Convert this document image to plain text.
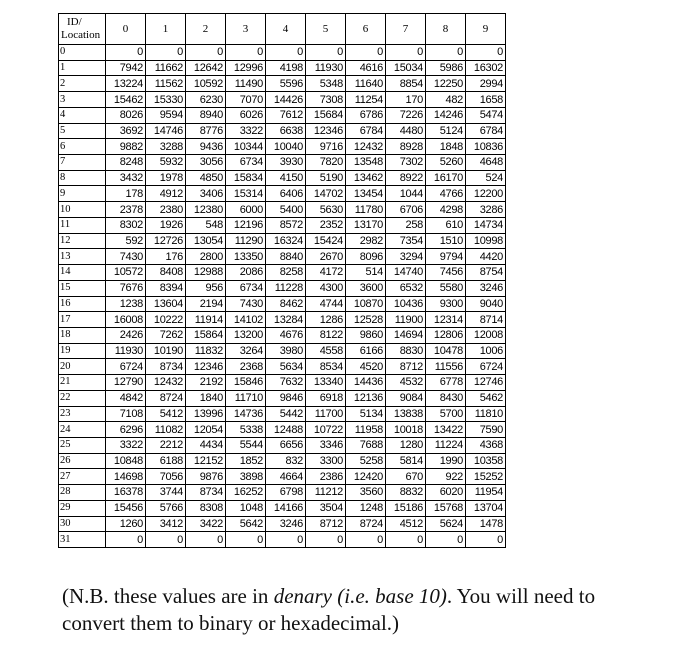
ID/
Location	0	1	2	3	4	5	6	7	8	9
0	0	0	0	0	0	0	0	0	0	0
1	7942	11662	12642	12996	4198	11930	4616	15034	5986	16302
2	13224	11562	10592	11490	5596	5348	11640	8854	12250	2994
3	15462	15330	6230	7070	14426	7308	11254	170	482	1658
4	8026	9594	8940	6026	7612	15684	6786	7226	14246	5474
5	3692	14746	8776	3322	6638	12346	6784	4480	5124	6784
6	9882	3288	9436	10344	10040	9716	12432	8928	1848	10836
7	8248	5932	3056	6734	3930	7820	13548	7302	5260	4648
8	3432	1978	4850	15834	4150	5190	13462	8922	16170	524
9	178	4912	3406	15314	6406	14702	13454	1044	4766	12200
10	2378	2380	12380	6000	5400	5630	11780	6706	4298	3286
11	8302	1926	548	12196	8572	2352	13170	258	610	14734
12	592	12726	13054	11290	16324	15424	2982	7354	1510	10998
13	7430	176	2800	13350	8840	2670	8096	3294	9794	4420
14	10572	8408	12988	2086	8258	4172	514	14740	7456	8754
15	7676	8394	956	6734	11228	4300	3600	6532	5580	3246
16	1238	13604	2194	7430	8462	4744	10870	10436	9300	9040
17	16008	10222	11914	14102	13284	1286	12528	11900	12314	8714
18	2426	7262	15864	13200	4676	8122	9860	14694	12806	12008
19	11930	10190	11832	3264	3980	4558	6166	8830	10478	1006
20	6724	8734	12346	2368	5634	8534	4520	8712	11556	6724
21	12790	12432	2192	15846	7632	13340	14436	4532	6778	12746
22	4842	8724	1840	11710	9846	6918	12136	9084	8430	5462
23	7108	5412	13996	14736	5442	11700	5134	13838	5700	11810
24	6296	11082	12054	5338	12488	10722	11958	10018	13422	7590
25	3322	2212	4434	5544	6656	3346	7688	1280	11224	4368
26	10848	6188	12152	1852	832	3300	5258	5814	1990	10358
27	14698	7056	9876	3898	4664	2386	12420	670	922	15252
28	16378	3744	8734	16252	6798	11212	3560	8832	6020	11954
29	15456	5766	8308	1048	14166	3504	1248	15186	15768	13704
30	1260	3412	3422	5642	3246	8712	8724	4512	5624	1478
31	0	0	0	0	0	0	0	0	0	0
(N.B. these values are in denary (i.e. base 10). You will need to convert them to binary or hexadecimal.)
